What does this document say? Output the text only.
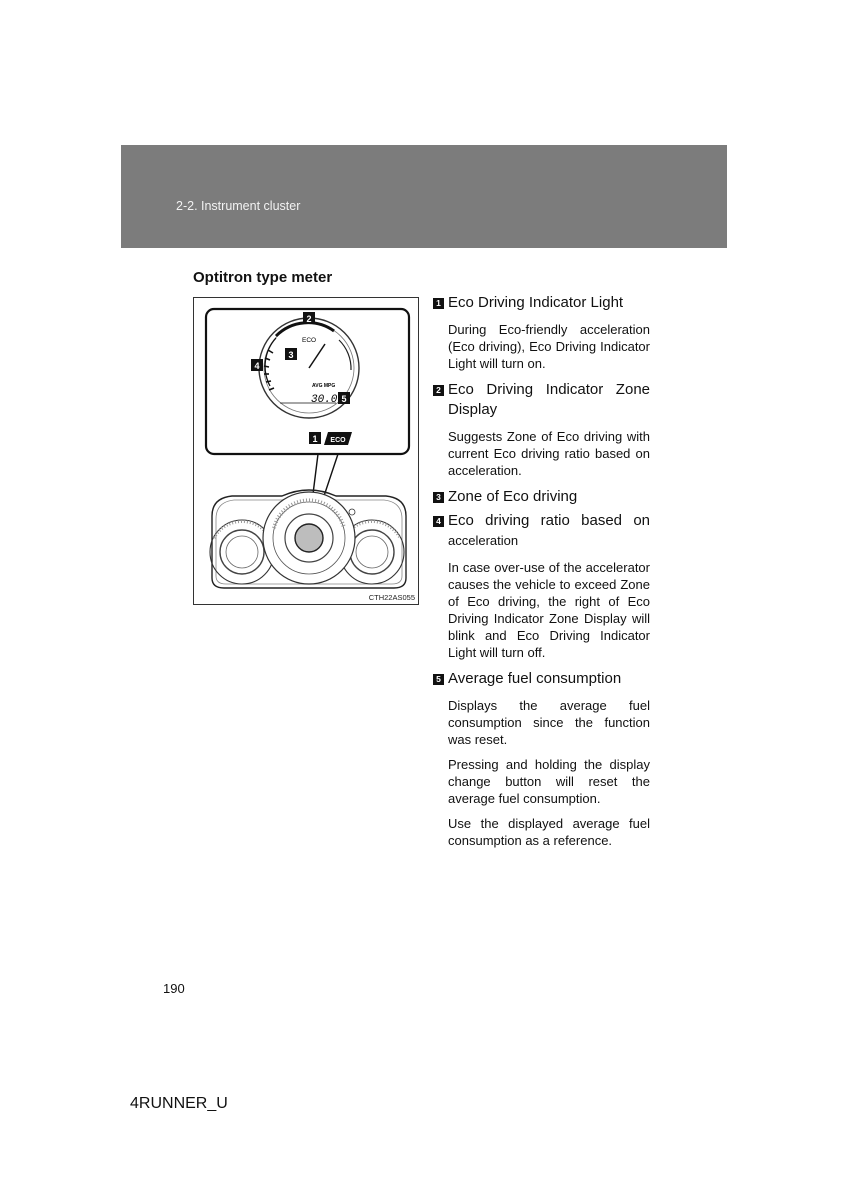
2-2. Instrument cluster
Optitron type meter
ECO
AVG MPG
30.0
2
3
4
5
1 ECO
CTH22AS055
1 Eco Driving Indicator Light

During Eco-friendly acceleration (Eco driving), Eco Driving Indicator Light will turn on.

2 Eco Driving Indicator Zone Display

Suggests Zone of Eco driving with current Eco driving ratio based on acceleration.

3 Zone of Eco driving
4 Eco driving ratio based on
acceleration

In case over-use of the accelerator causes the vehicle to exceed Zone of Eco driving, the right of Eco Driving Indicator Zone Display will blink and Eco Driving Indicator Light will turn off.

5 Average fuel consumption

Displays the average fuel consumption since the function was reset.

Pressing and holding the display change button will reset the average fuel consumption.

Use the displayed average fuel consumption as a reference.

190
4RUNNER_U
